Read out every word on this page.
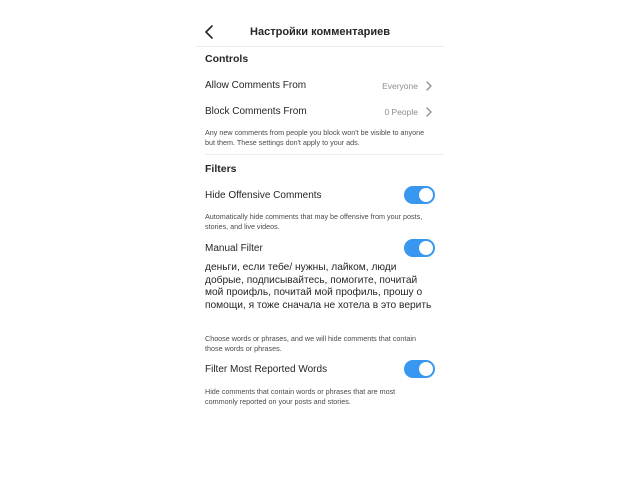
Настройки комментариев
Controls
Allow Comments From	Everyone
Block Comments From	0 People
Any new comments from people you block won't be visible to anyone but them. These settings don't apply to your ads.
Filters
Hide Offensive Comments
Automatically hide comments that may be offensive from your posts, stories, and live videos.
Manual Filter
деньги, если тебе/ нужны, лайком, люди добрые, подписывайтесь, помогите, почитай мой проифль, почитай мой профиль, прошу о помощи, я тоже сначала не хотела в это верить
Choose words or phrases, and we will hide comments that contain those words or phrases.
Filter Most Reported Words
Hide comments that contain words or phrases that are most commonly reported on your posts and stories.
